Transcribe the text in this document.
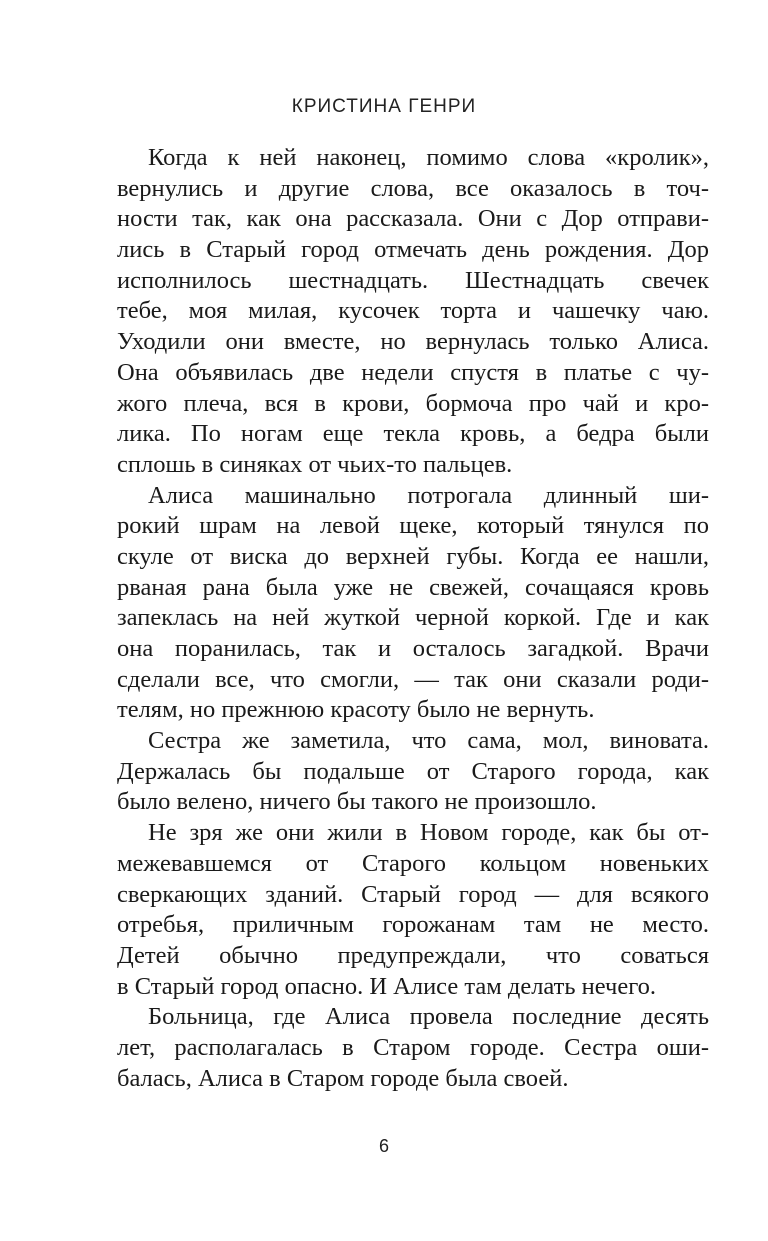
КРИСТИНА ГЕНРИ
Когда к ней наконец, помимо слова «кролик»,
вернулись и другие слова, все оказалось в точ-
ности так, как она рассказала. Они с Дор отправи-
лись в Старый город отмечать день рождения. Дор
исполнилось шестнадцать. Шестнадцать свечек
тебе, моя милая, кусочек торта и чашечку чаю.
Уходили они вместе, но вернулась только Алиса.
Она объявилась две недели спустя в платье с чу-
жого плеча, вся в крови, бормоча про чай и кро-
лика. По ногам еще текла кровь, а бедра были
сплошь в синяках от чьих-то пальцев.
Алиса машинально потрогала длинный ши-
рокий шрам на левой щеке, который тянулся по
скуле от виска до верхней губы. Когда ее нашли,
рваная рана была уже не свежей, сочащаяся кровь
запеклась на ней жуткой черной коркой. Где и как
она поранилась, так и осталось загадкой. Врачи
сделали все, что смогли, — так они сказали роди-
телям, но прежнюю красоту было не вернуть.
Сестра же заметила, что сама, мол, виновата.
Держалась бы подальше от Старого города, как
было велено, ничего бы такого не произошло.
Не зря же они жили в Новом городе, как бы от-
межевавшемся от Старого кольцом новеньких
сверкающих зданий. Старый город — для всякого
отребья, приличным горожанам там не место.
Детей обычно предупреждали, что соваться
в Старый город опасно. И Алисе там делать нечего.
Больница, где Алиса провела последние десять
лет, располагалась в Старом городе. Сестра оши-
балась, Алиса в Старом городе была своей.
6
